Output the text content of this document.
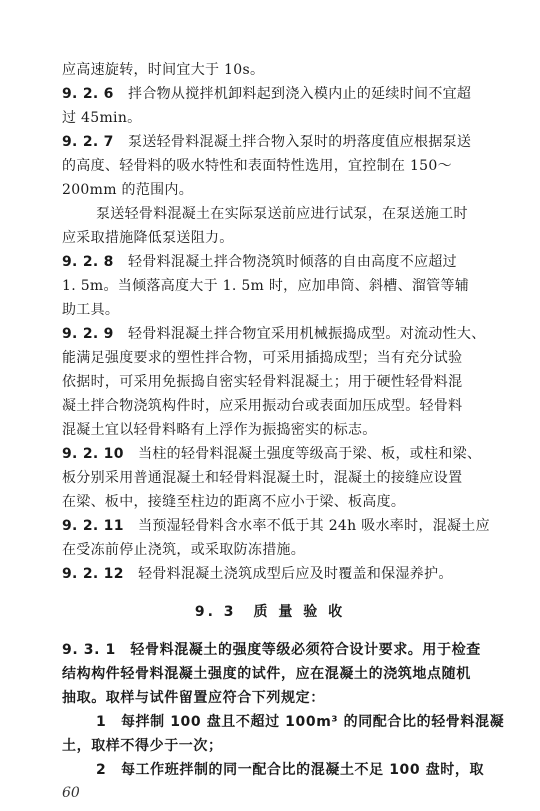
应高速旋转，时间宜大于 10s。
9. 2. 6　 拌合物从搅拌机卸料起到浇入模内止的延续时间不宜超
过 45min。
9. 2. 7　 泵送轻骨料混凝土拌合物入泵时的坍落度值应根据泵送
的高度、轻骨料的吸水特性和表面特性选用，宜控制在 150～
200mm 的范围内。
泵送轻骨料混凝土在实际泵送前应进行试泵，在泵送施工时
应采取措施降低泵送阻力。
9. 2. 8　 轻骨料混凝土拌合物浇筑时倾落的自由高度不应超过
1. 5m。当倾落高度大于 1. 5m 时，应加串筒、斜槽、溜管等辅
助工具。
9. 2. 9　 轻骨料混凝土拌合物宜采用机械振捣成型。对流动性大、
能满足强度要求的塑性拌合物，可采用插捣成型；当有充分试验
依据时，可采用免振捣自密实轻骨料混凝土；用于硬性轻骨料混
凝土拌合物浇筑构件时，应采用振动台或表面加压成型。轻骨料
混凝土宜以轻骨料略有上浮作为振捣密实的标志。
9. 2. 10　 当柱的轻骨料混凝土强度等级高于梁、板，或柱和梁、
板分别采用普通混凝土和轻骨料混凝土时，混凝土的接缝应设置
在梁、板中，接缝至柱边的距离不应小于梁、板高度。
9. 2. 11　 当预湿轻骨料含水率不低于其 24h 吸水率时，混凝土应
在受冻前停止浇筑，或采取防冻措施。
9. 2. 12　 轻骨料混凝土浇筑成型后应及时覆盖和保湿养护。
9. 3　质 量 验 收
9. 3. 1　轻骨料混凝土的强度等级必须符合设计要求。用于检查
结构构件轻骨料混凝土强度的试件，应在混凝土的浇筑地点随机
抽取。取样与试件留置应符合下列规定：
1　每拌制 100 盘且不超过 100m³ 的同配合比的轻骨料混凝
土，取样不得少于一次；
2　每工作班拌制的同一配合比的混凝土不足 100 盘时，取
60
